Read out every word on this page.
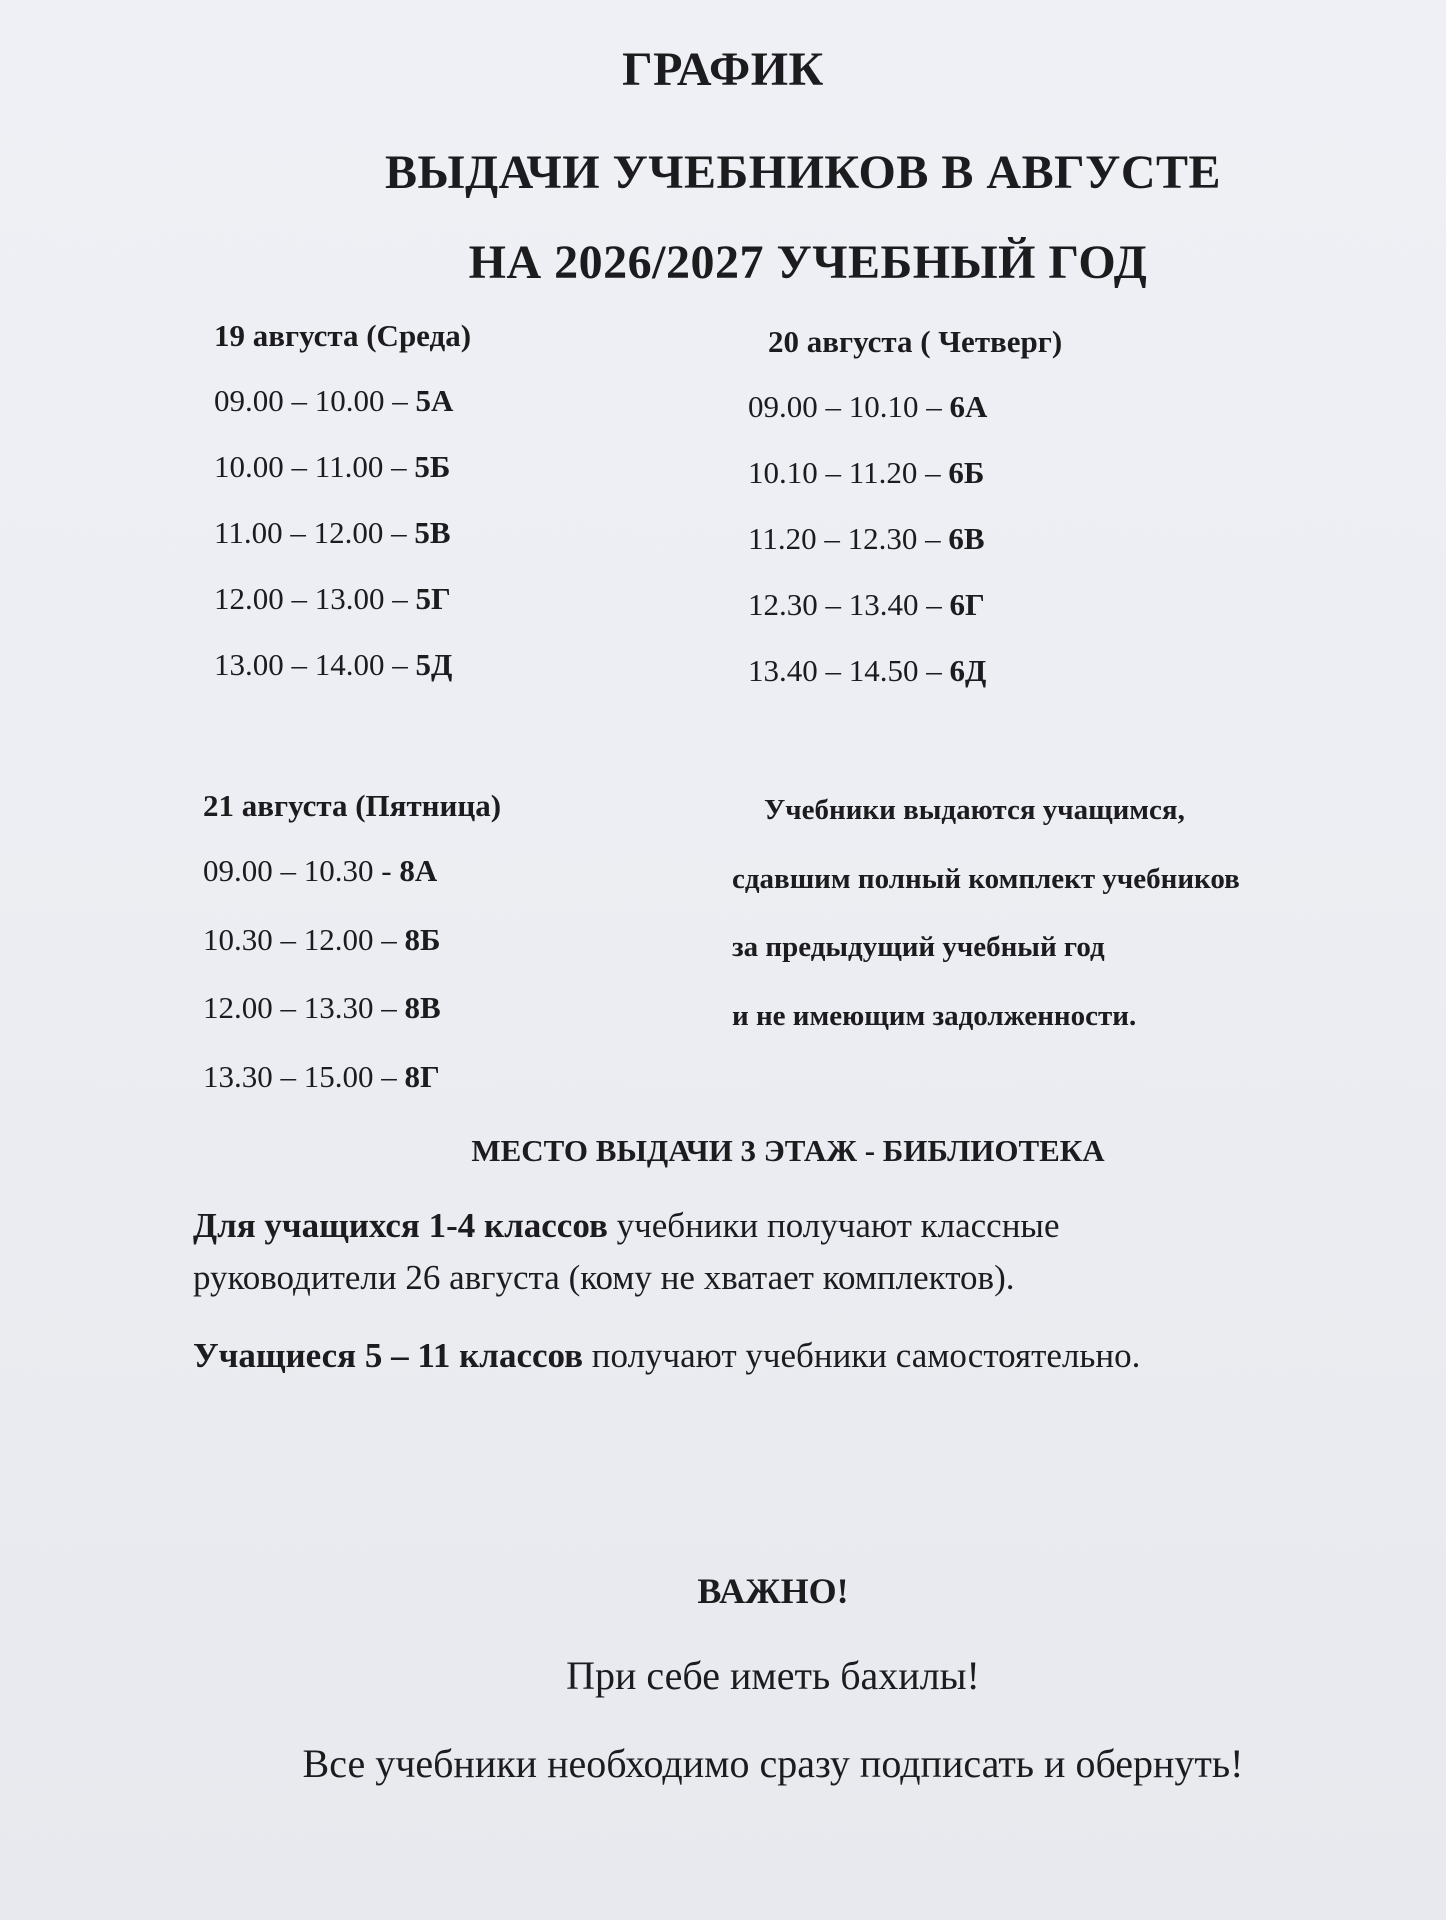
ГРАФИК
ВЫДАЧИ УЧЕБНИКОВ В АВГУСТЕ
НА 2026/2027 УЧЕБНЫЙ ГОД
19 августа (Среда)
09.00 – 10.00 – 5А
10.00 – 11.00 – 5Б
11.00 – 12.00 – 5В
12.00 – 13.00 – 5Г
13.00 – 14.00 – 5Д
20 августа ( Четверг)
09.00 – 10.10 – 6А
10.10 – 11.20 – 6Б
11.20 – 12.30 – 6В
12.30 – 13.40 – 6Г
13.40 – 14.50 – 6Д
21 августа (Пятница)
09.00 – 10.30 - 8А
10.30 – 12.00 – 8Б
12.00 – 13.30 – 8В
13.30 – 15.00 – 8Г
Учебники выдаются учащимся,
сдавшим полный комплект учебников
за предыдущий учебный год
и не имеющим задолженности.
МЕСТО ВЫДАЧИ 3 ЭТАЖ - БИБЛИОТЕКА
Для учащихся 1-4 классов учебники получают классные руководители 26 августа (кому не хватает комплектов).
Учащиеся 5 – 11 классов получают учебники самостоятельно.
ВАЖНО!
При себе иметь бахилы!
Все учебники необходимо сразу подписать и обернуть!
